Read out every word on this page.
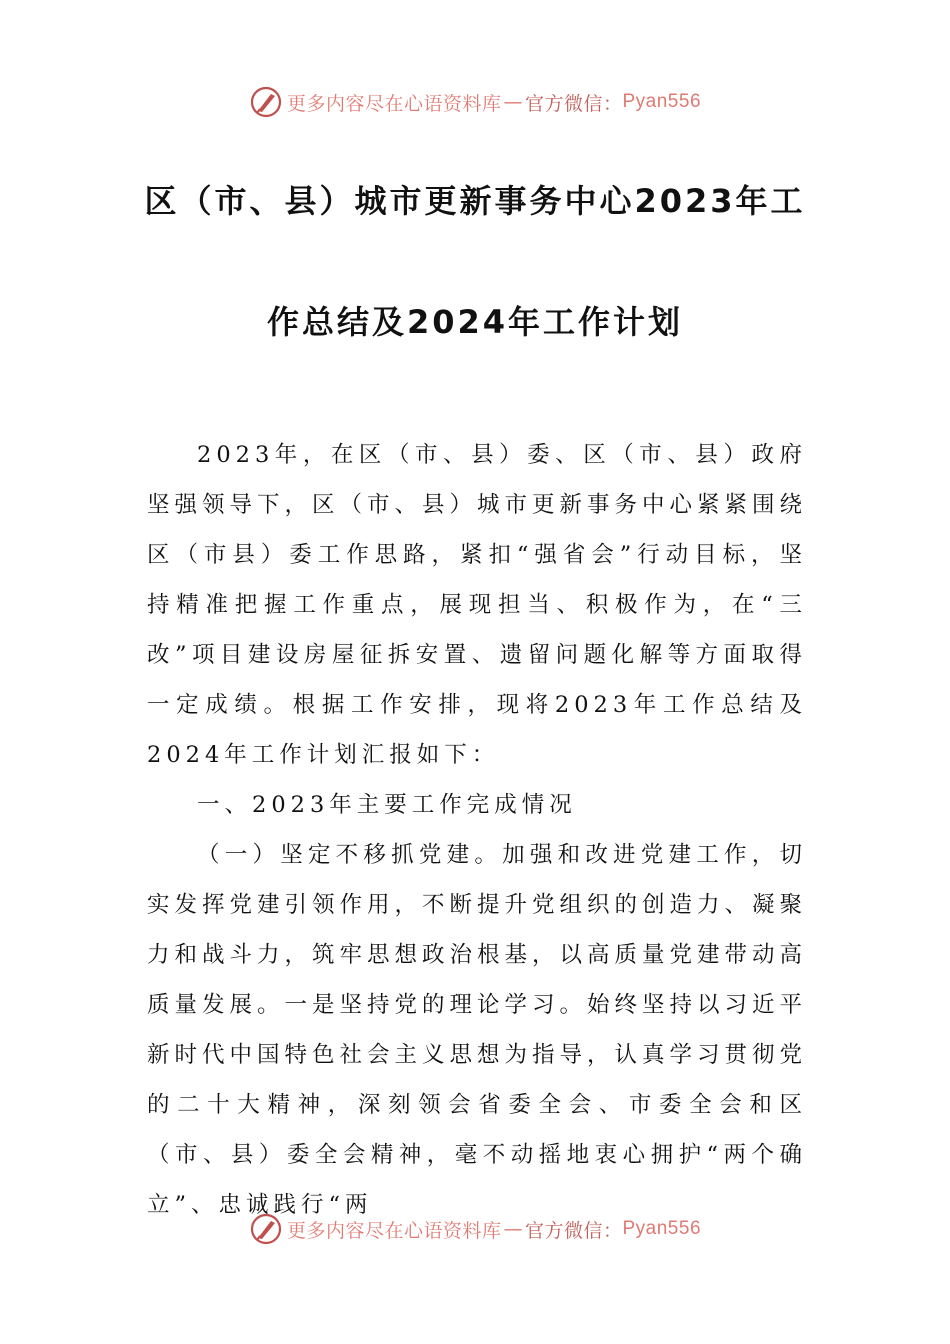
更多内容尽在心语资料库 — 官方微信： Pyan556
区（市、县）城市更新事务中心2023年工
作总结及2024年工作计划

2023年，在区（市、县）委、区（市、县）政府坚强领导下，区（市、县）城市更新事务中心紧紧围绕区（市县）委工作思路，紧扣“强省会”行动目标，坚持精准把握工作重点，展现担当、积极作为，在“三改”项目建设房屋征拆安置、遗留问题化解等方面取得一定成绩。根据工作安排，现将2023年工作总结及2024年工作计划汇报如下：

一、2023年主要工作完成情况

（一）坚定不移抓党建。加强和改进党建工作，切实发挥党建引领作用，不断提升党组织的创造力、凝聚力和战斗力，筑牢思想政治根基，以高质量党建带动高质量发展。一是坚持党的理论学习。始终坚持以习近平新时代中国特色社会主义思想为指导，认真学习贯彻党的二十大精神，深刻领会省委全会、市委全会和区（市、县）委全会精神，毫不动摇地衷心拥护“两个确立”、忠诚践行“两

更多内容尽在心语资料库 — 官方微信： Pyan556
